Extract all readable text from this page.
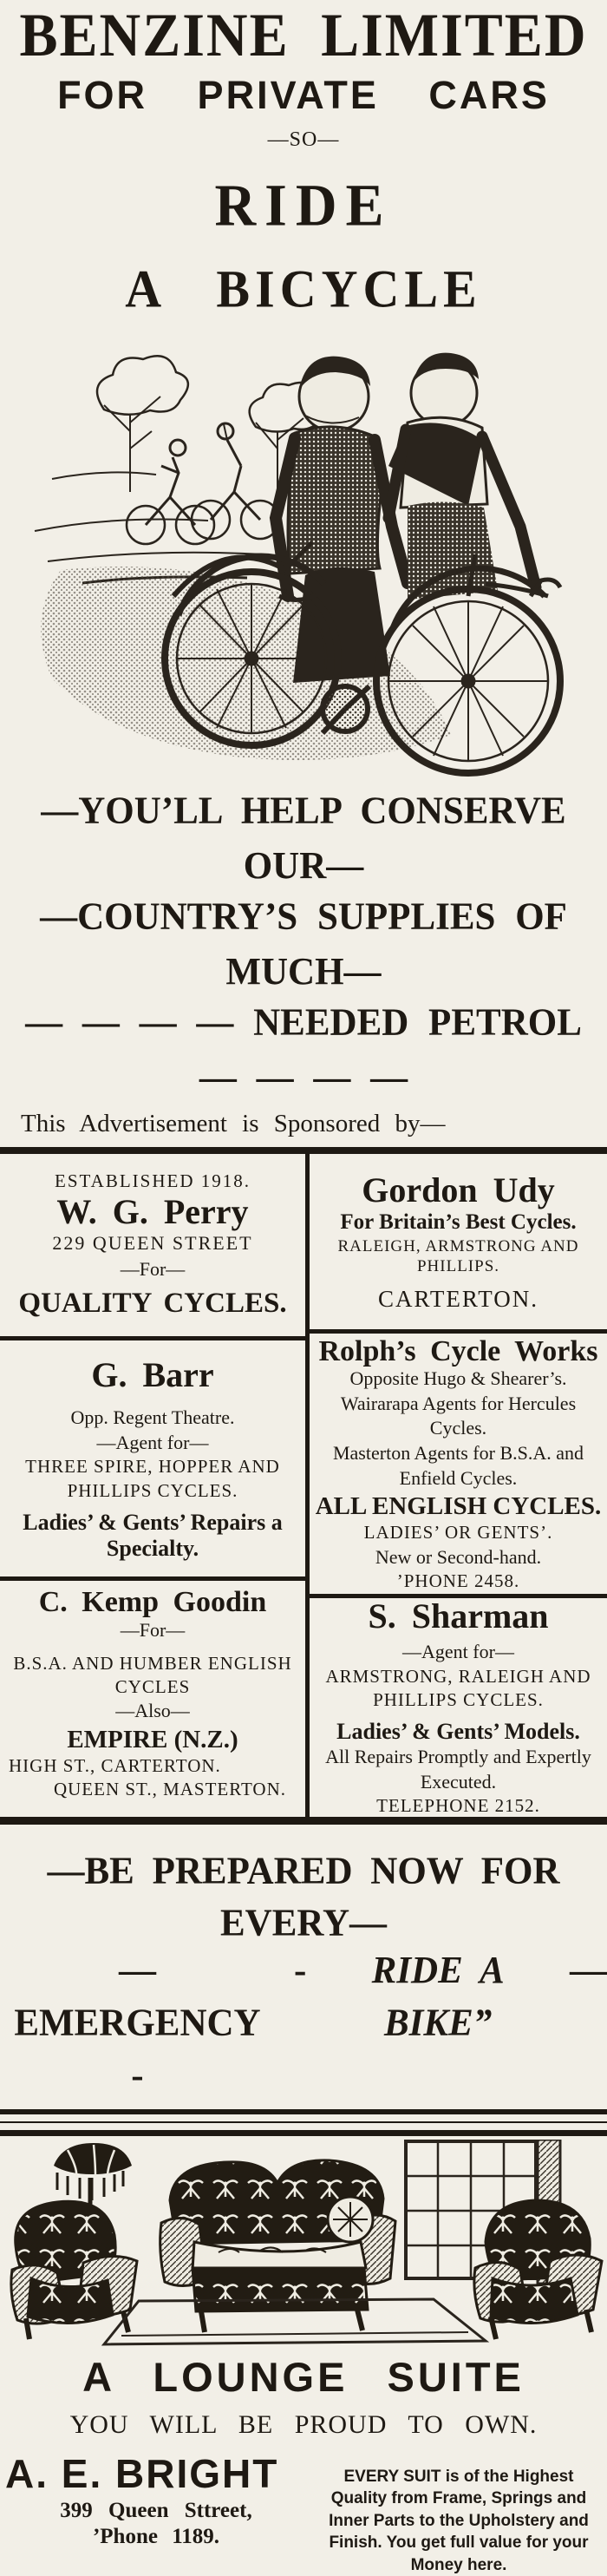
BENZINE LIMITED
FOR PRIVATE CARS
—SO—
RIDE
A BICYCLE
—YOU’LL HELP CONSERVE OUR—
—COUNTRY’S SUPPLIES OF MUCH—
— — — — NEEDED PETROL — — — —
This Advertisement is Sponsored by—
ESTABLISHED 1918.
W. G. Perry
229 QUEEN STREET
—For—
QUALITY CYCLES.
G. Barr
Opp. Regent Theatre.
—Agent for—
THREE SPIRE, HOPPER AND PHILLIPS CYCLES.
Ladies’ & Gents’ Repairs a Specialty.
C. Kemp Goodin
—For—
B.S.A. AND HUMBER ENGLISH CYCLES
—Also—
EMPIRE (N.Z.)
HIGH ST., CARTERTON.
QUEEN ST., MASTERTON.
Gordon Udy
For Britain’s Best Cycles.
RALEIGH, ARMSTRONG AND PHILLIPS.
CARTERTON.
Rolph’s Cycle Works
Opposite Hugo & Shearer’s.
Wairarapa Agents for Hercules Cycles.
Masterton Agents for B.S.A. and Enfield Cycles.
ALL ENGLISH CYCLES.
LADIES’ OR GENTS’.
New or Second-hand.
’PHONE 2458.
S. Sharman
—Agent for—
ARMSTRONG, RALEIGH AND PHILLIPS CYCLES.
Ladies’ & Gents’ Models.
All Repairs Promptly and Expertly Executed.
TELEPHONE 2152.
—BE PREPARED NOW FOR EVERY—
—EMERGENCY -
-	RIDE A BIKE”
—
A LOUNGE SUITE
YOU WILL BE PROUD TO OWN.
A. E. BRIGHT
399 Queen Sttreet,
’Phone 1189.
EVERY SUIT is of the Highest Quality from Frame, Springs and Inner Parts to the Upholstery and Finish. You get full value for your Money here.
